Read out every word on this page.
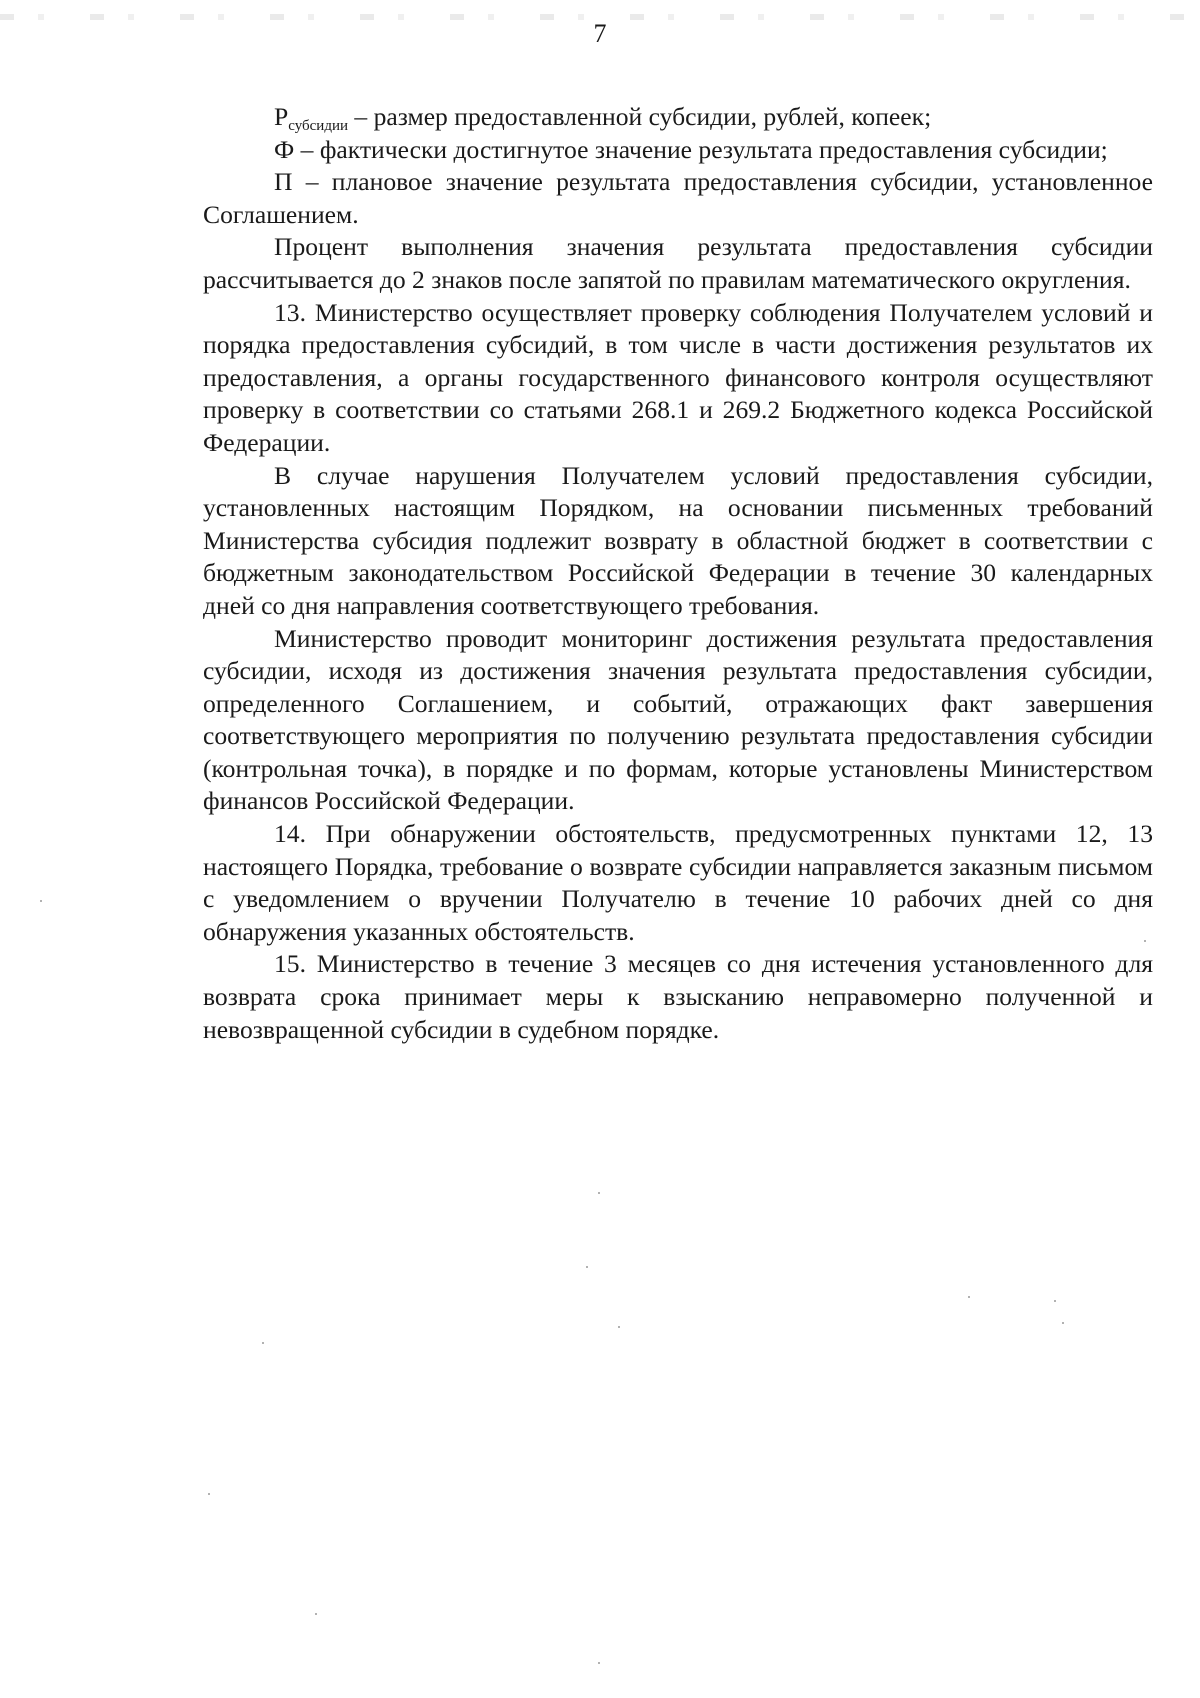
7

$Р_{субсидии}$ – размер предоставленной субсидии, рублей, копеек;

Ф – фактически достигнутое значение результата предоставления субсидии;

П – плановое значение результата предоставления субсидии, установленное Соглашением.

Процент выполнения значения результата предоставления субсидии рассчитывается до 2 знаков после запятой по правилам математического округления.

13. Министерство осуществляет проверку соблюдения Получателем условий и порядка предоставления субсидий, в том числе в части достижения результатов их предоставления, а органы государственного финансового контроля осуществляют проверку в соответствии со статьями 268.1 и 269.2 Бюджетного кодекса Российской Федерации.

В случае нарушения Получателем условий предоставления субсидии, установленных настоящим Порядком, на основании письменных требований Министерства субсидия подлежит возврату в областной бюджет в соответствии с бюджетным законодательством Российской Федерации в течение 30 календарных дней со дня направления соответствующего требования.

Министерство проводит мониторинг достижения результата предоставления субсидии, исходя из достижения значения результата предоставления субсидии, определенного Соглашением, и событий, отражающих факт завершения соответствующего мероприятия по получению результата предоставления субсидии (контрольная точка), в порядке и по формам, которые установлены Министерством финансов Российской Федерации.

14. При обнаружении обстоятельств, предусмотренных пунктами 12, 13 настоящего Порядка, требование о возврате субсидии направляется заказным письмом с уведомлением о вручении Получателю в течение 10 рабочих дней со дня обнаружения указанных обстоятельств.

15. Министерство в течение 3 месяцев со дня истечения установленного для возврата срока принимает меры к взысканию неправомерно полученной и невозвращенной субсидии в судебном порядке.
